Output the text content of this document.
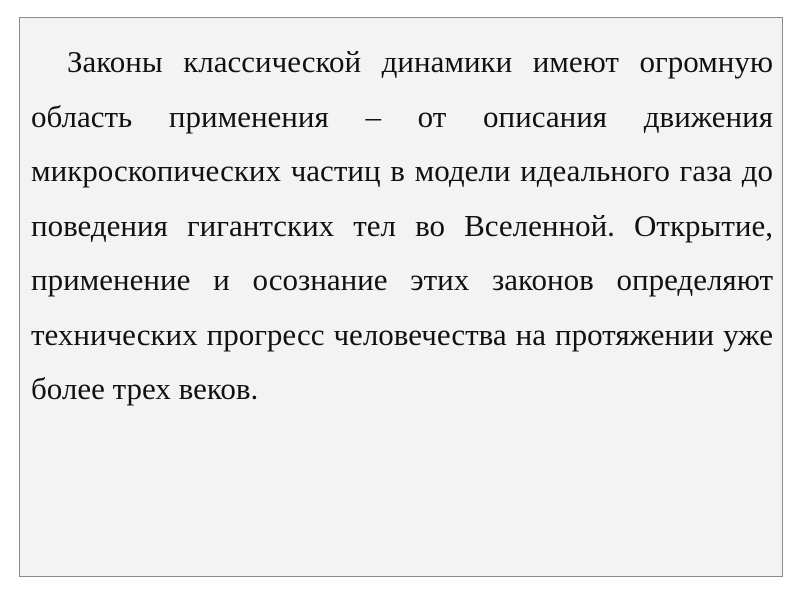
Законы классической динамики имеют огромную область применения – от описания движения микроскопических частиц в модели идеального газа до поведения гигантских тел во Вселенной. Открытие, применение и осознание этих законов определяют технических прогресс человечества на протяжении уже более трех веков.
